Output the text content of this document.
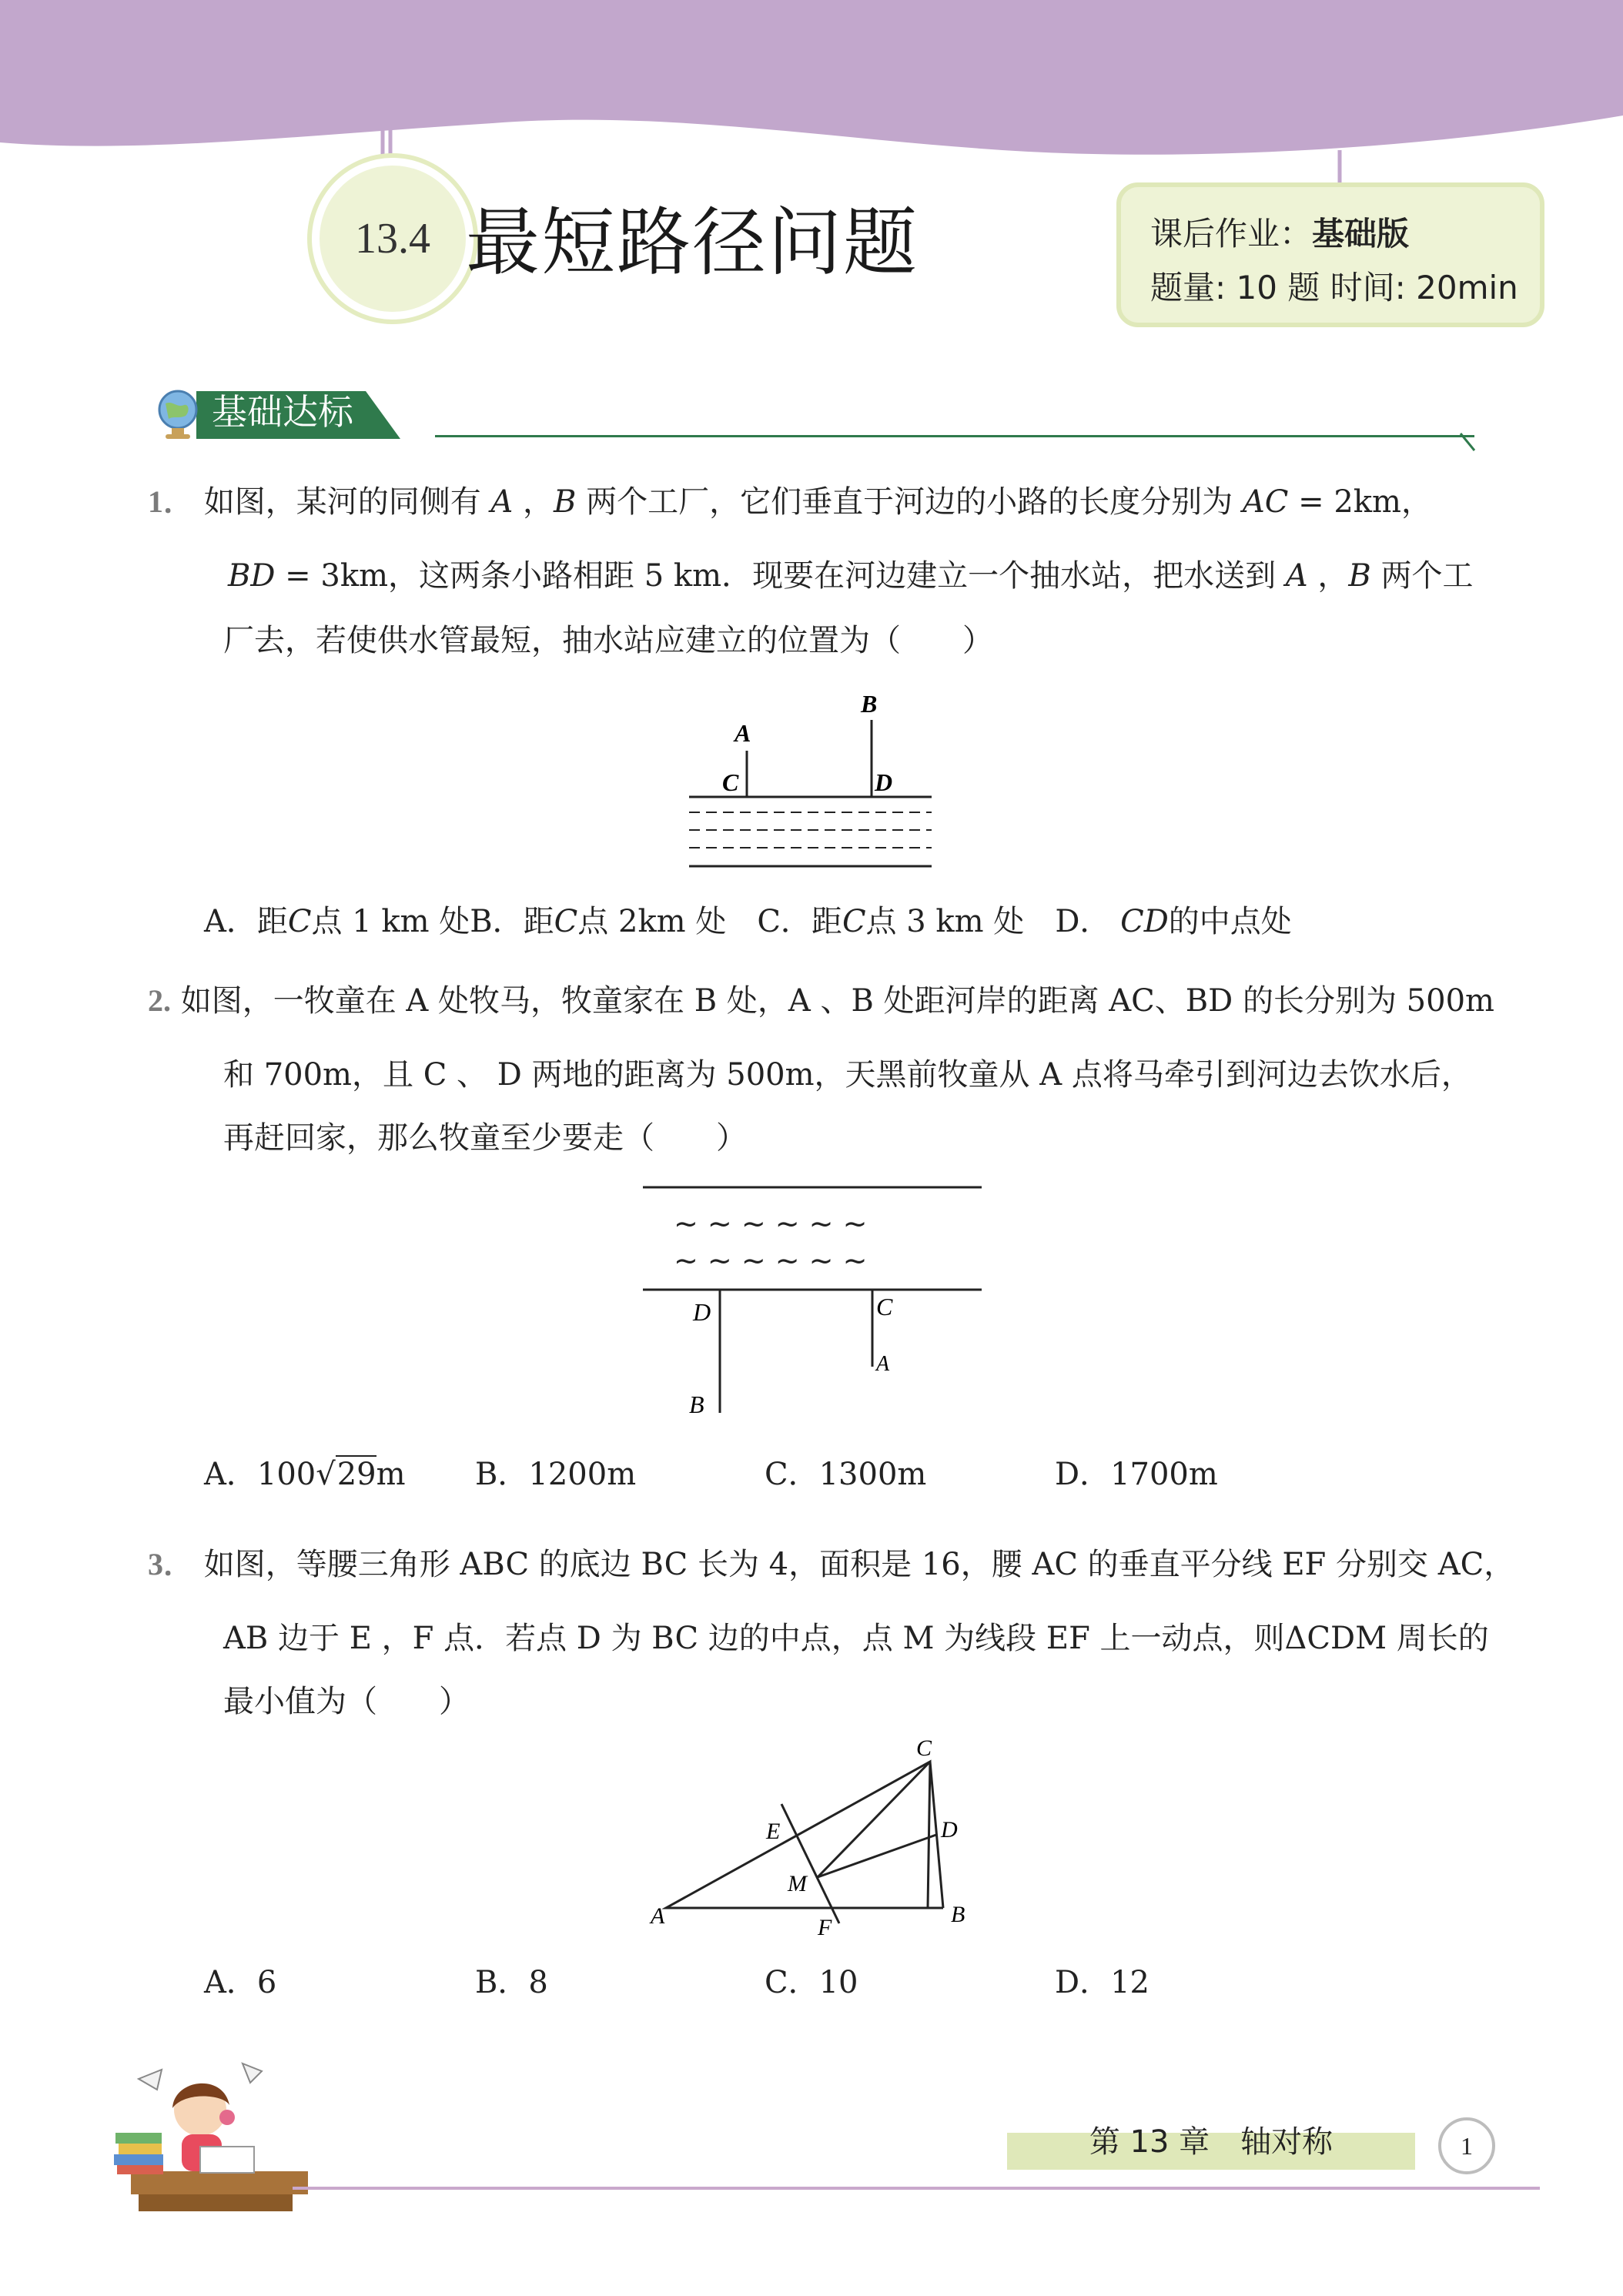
13.4 最短路径问题	课后作业：基础版
题量: 10 题 时间: 20min
基础达标
1． 如图，某河的同侧有 A ，B 两个工厂，它们垂直于河边的小路的长度分别为 AC = 2km，
BD = 3km，这两条小路相距 5 km．现要在河边建立一个抽水站，把水送到 A ，B 两个工
厂去，若使供水管最短，抽水站应建立的位置为（　　）
A
B
C	D
A．距C点 1 km 处B．距C点 2km 处　 C．距C点 3 km 处　 D． CD的中点处
2. 如图，一牧童在 A 处牧马，牧童家在 B 处，A 、B 处距河岸的距离 AC、BD 的长分别为 500m
和 700m，且 C 、 D 两地的距离为 500m，天黑前牧童从 A 点将马牵引到河边去饮水后，
再赶回家，那么牧童至少要走（　　）
~ ~ ~ ~ ~ ~
~ ~ ~ ~ ~ ~
D	C
A
B
A．100√29m B．1200m	C．1300m	D．1700m
3． 如图，等腰三角形 ABC 的底边 BC 长为 4，面积是 16，腰 AC 的垂直平分线 EF 分别交 AC，
AB 边于 E ，F 点．若点 D 为 BC 边的中点，点 M 为线段 EF 上一动点，则ΔCDM 周长的
最小值为（　　）
C
E	D
M
A	F
B
A．6	B．8	C．10	D．12
第 13 章　轴对称	1
